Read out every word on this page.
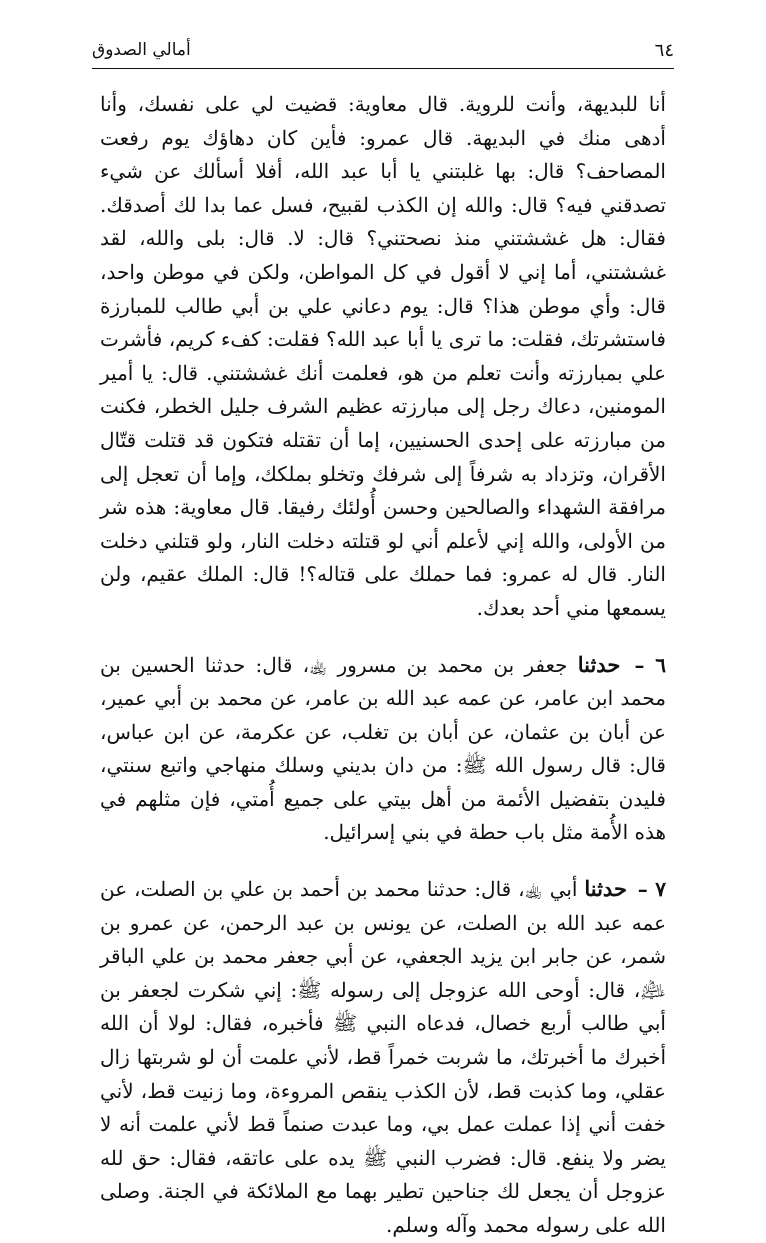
٦٤
أمالي الصدوق

أنا للبديهة، وأنت للروية. قال معاوية: قضيت لي على نفسك، وأنا أدهى منك في البديهة. قال عمرو: فأين كان دهاؤك يوم رفعت المصاحف؟ قال: بها غلبتني يا أبا عبد الله، أفلا أسألك عن شيء تصدقني فيه؟ قال: والله إن الكذب لقبيح، فسل عما بدا لك أصدقك. فقال: هل غششتني منذ نصحتني؟ قال: لا. قال: بلى والله، لقد غششتني، أما إني لا أقول في كل المواطن، ولكن في موطن واحد، قال: وأي موطن هذا؟ قال: يوم دعاني علي بن أبي طالب للمبارزة فاستشرتك، فقلت: ما ترى يا أبا عبد الله؟ فقلت: كفء كريم، فأشرت علي بمبارزته وأنت تعلم من هو، فعلمت أنك غششتني. قال: يا أمير المومنين، دعاك رجل إلى مبارزته عظيم الشرف جليل الخطر، فكنت من مبارزته على إحدى الحسنيين، إما أن تقتله فتكون قد قتلت قتّال الأقران، وتزداد به شرفاً إلى شرفك وتخلو بملكك، وإما أن تعجل إلى مرافقة الشهداء والصالحين وحسن أُولئك رفيقا. قال معاوية: هذه شر من الأولى، والله إني لأعلم أني لو قتلته دخلت النار، ولو قتلني دخلت النار. قال له عمرو: فما حملك على قتاله؟! قال: الملك عقيم، ولن يسمعها مني أحد بعدك.

٦ – حدثنا جعفر بن محمد بن مسرور ﵀، قال: حدثنا الحسين بن محمد ابن عامر، عن عمه عبد الله بن عامر، عن محمد بن أبي عمير، عن أبان بن عثمان، عن أبان بن تغلب، عن عكرمة، عن ابن عباس، قال: قال رسول الله ﷺ: من دان بديني وسلك منهاجي واتبع سنتي، فليدن بتفضيل الأئمة من أهل بيتي على جميع أُمتي، فإن مثلهم في هذه الأُمة مثل باب حطة في بني إسرائيل.

٧ – حدثنا أبي ﵀، قال: حدثنا محمد بن أحمد بن علي بن الصلت، عن عمه عبد الله بن الصلت، عن يونس بن عبد الرحمن، عن عمرو بن شمر، عن جابر ابن يزيد الجعفي، عن أبي جعفر محمد بن علي الباقر ﵇، قال: أوحى الله عزوجل إلى رسوله ﷺ: إني شكرت لجعفر بن أبي طالب أربع خصال، فدعاه النبي ﷺ فأخبره، فقال: لولا أن الله أخبرك ما أخبرتك، ما شربت خمراً قط، لأني علمت أن لو شربتها زال عقلي، وما كذبت قط، لأن الكذب ينقص المروءة، وما زنيت قط، لأني خفت أني إذا عملت عمل بي، وما عبدت صنماً قط لأني علمت أنه لا يضر ولا ينفع. قال: فضرب النبي ﷺ يده على عاتقه، فقال: حق لله عزوجل أن يجعل لك جناحين تطير بهما مع الملائكة في الجنة. وصلى الله على رسوله محمد وآله وسلم.
